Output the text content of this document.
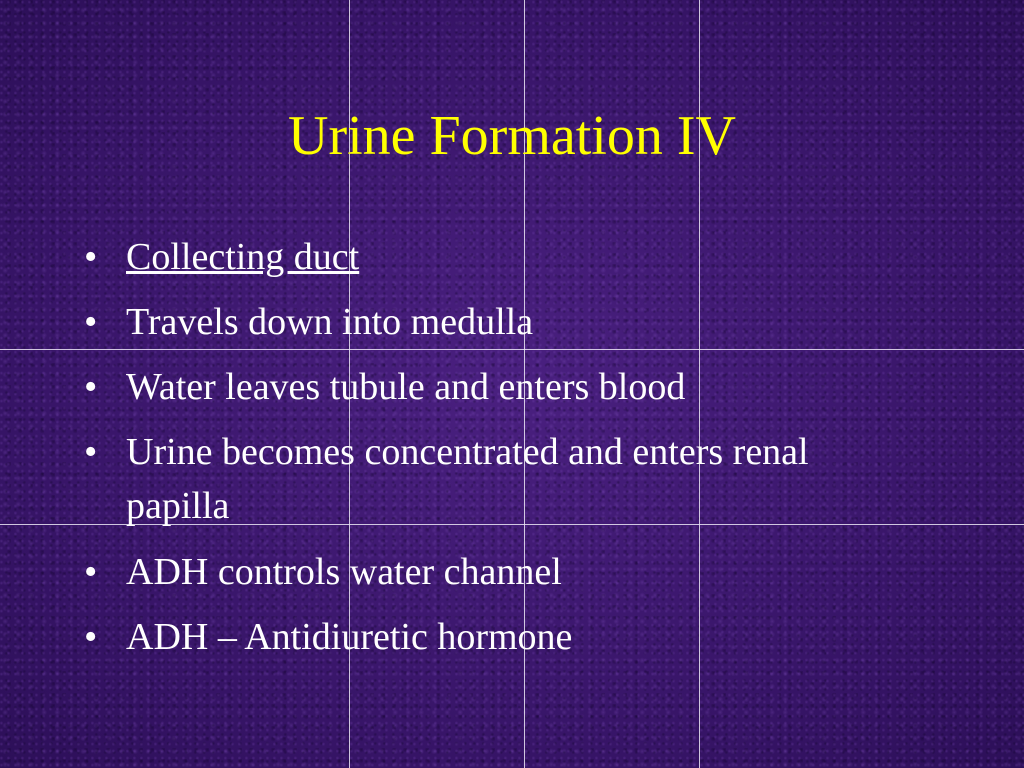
Urine Formation IV
• Collecting duct
• Travels down into medulla
• Water leaves tubule and enters blood
• Urine becomes concentrated and enters renal papilla
• ADH controls water channel
• ADH – Antidiuretic hormone
